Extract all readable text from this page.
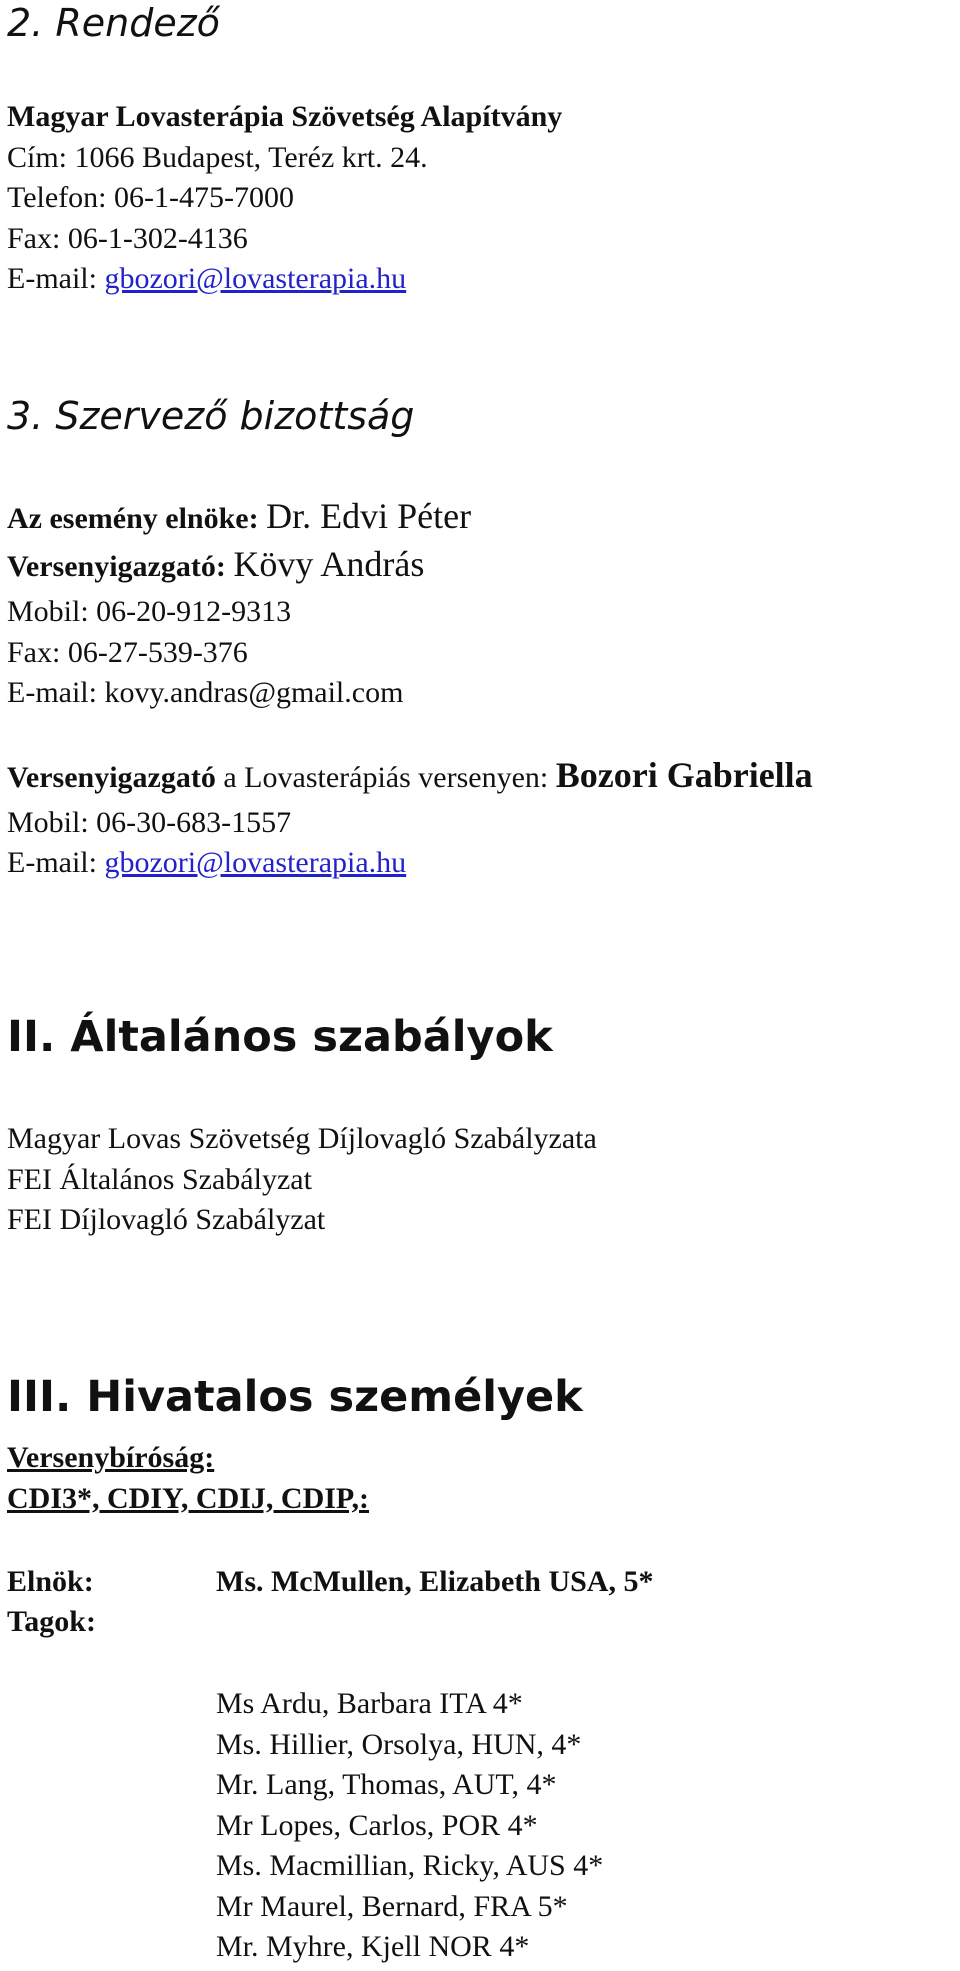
2. Rendező
Magyar Lovasterápia Szövetség Alapítvány
Cím: 1066 Budapest, Teréz krt. 24.
Telefon: 06-1-475-7000
Fax: 06-1-302-4136
E-mail: gbozori@lovasterapia.hu
3. Szervező bizottság
Az esemény elnöke: Dr. Edvi Péter
Versenyigazgató: Kövy András
Mobil: 06-20-912-9313
Fax: 06-27-539-376
E-mail: kovy.andras@gmail.com
Versenyigazgató a Lovasterápiás versenyen: Bozori Gabriella
Mobil: 06-30-683-1557
E-mail: gbozori@lovasterapia.hu
II. Általános szabályok
Magyar Lovas Szövetség Díjlovagló Szabályzata
FEI Általános Szabályzat
FEI Díjlovagló Szabályzat
III. Hivatalos személyek
Versenybíróság:
CDI3*, CDIY, CDIJ, CDIP,:
Elnök:	Ms. McMullen, Elizabeth USA, 5*
Tagok:
Ms Ardu, Barbara ITA 4*
Ms. Hillier, Orsolya, HUN, 4*
Mr. Lang, Thomas, AUT, 4*
Mr Lopes, Carlos, POR 4*
Ms. Macmillian, Ricky, AUS 4*
Mr Maurel, Bernard, FRA 5*
Mr. Myhre, Kjell NOR 4*
